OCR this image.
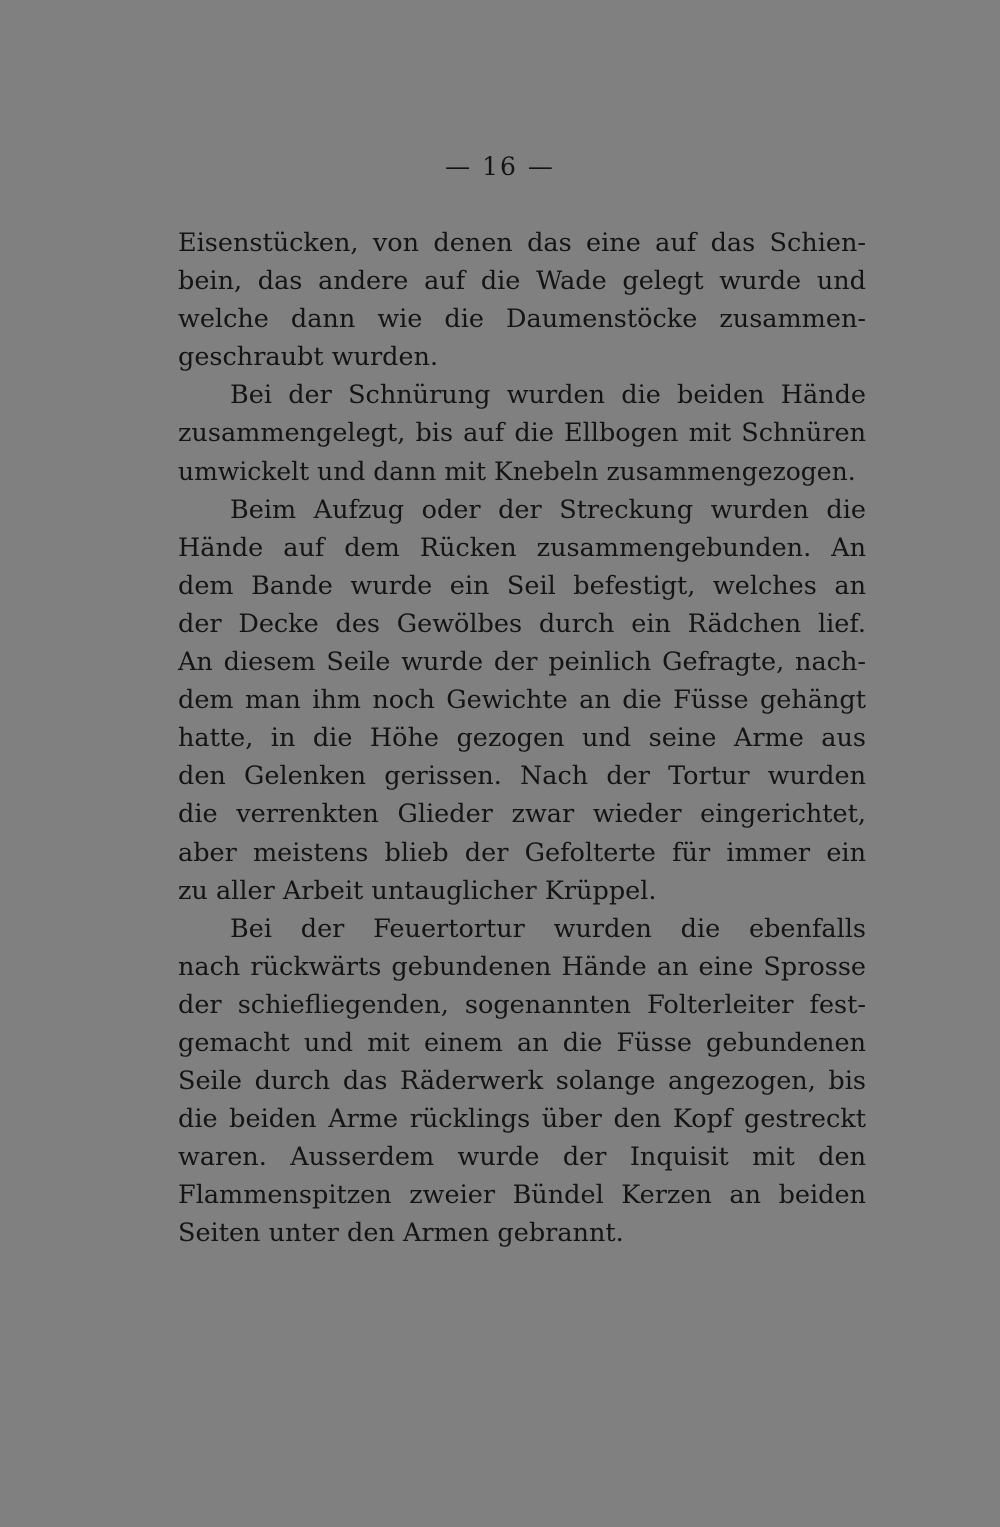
— 16 —
Eisenstücken, von denen das eine auf das Schien-
bein, das andere auf die Wade gelegt wurde und
welche dann wie die Daumenstöcke zusammen-
geschraubt wurden.
Bei der Schnürung wurden die beiden Hände
zusammengelegt, bis auf die Ellbogen mit Schnüren
umwickelt und dann mit Knebeln zusammengezogen.
Beim Aufzug oder der Streckung wurden die
Hände auf dem Rücken zusammengebunden. An
dem Bande wurde ein Seil befestigt, welches an
der Decke des Gewölbes durch ein Rädchen lief.
An diesem Seile wurde der peinlich Gefragte, nach-
dem man ihm noch Gewichte an die Füsse gehängt
hatte, in die Höhe gezogen und seine Arme aus
den Gelenken gerissen. Nach der Tortur wurden
die verrenkten Glieder zwar wieder eingerichtet,
aber meistens blieb der Gefolterte für immer ein
zu aller Arbeit untauglicher Krüppel.
Bei der Feuertortur wurden die ebenfalls
nach rückwärts gebundenen Hände an eine Sprosse
der schiefliegenden, sogenannten Folterleiter fest-
gemacht und mit einem an die Füsse gebundenen
Seile durch das Räderwerk solange angezogen, bis
die beiden Arme rücklings über den Kopf gestreckt
waren. Ausserdem wurde der Inquisit mit den
Flammenspitzen zweier Bündel Kerzen an beiden
Seiten unter den Armen gebrannt.
